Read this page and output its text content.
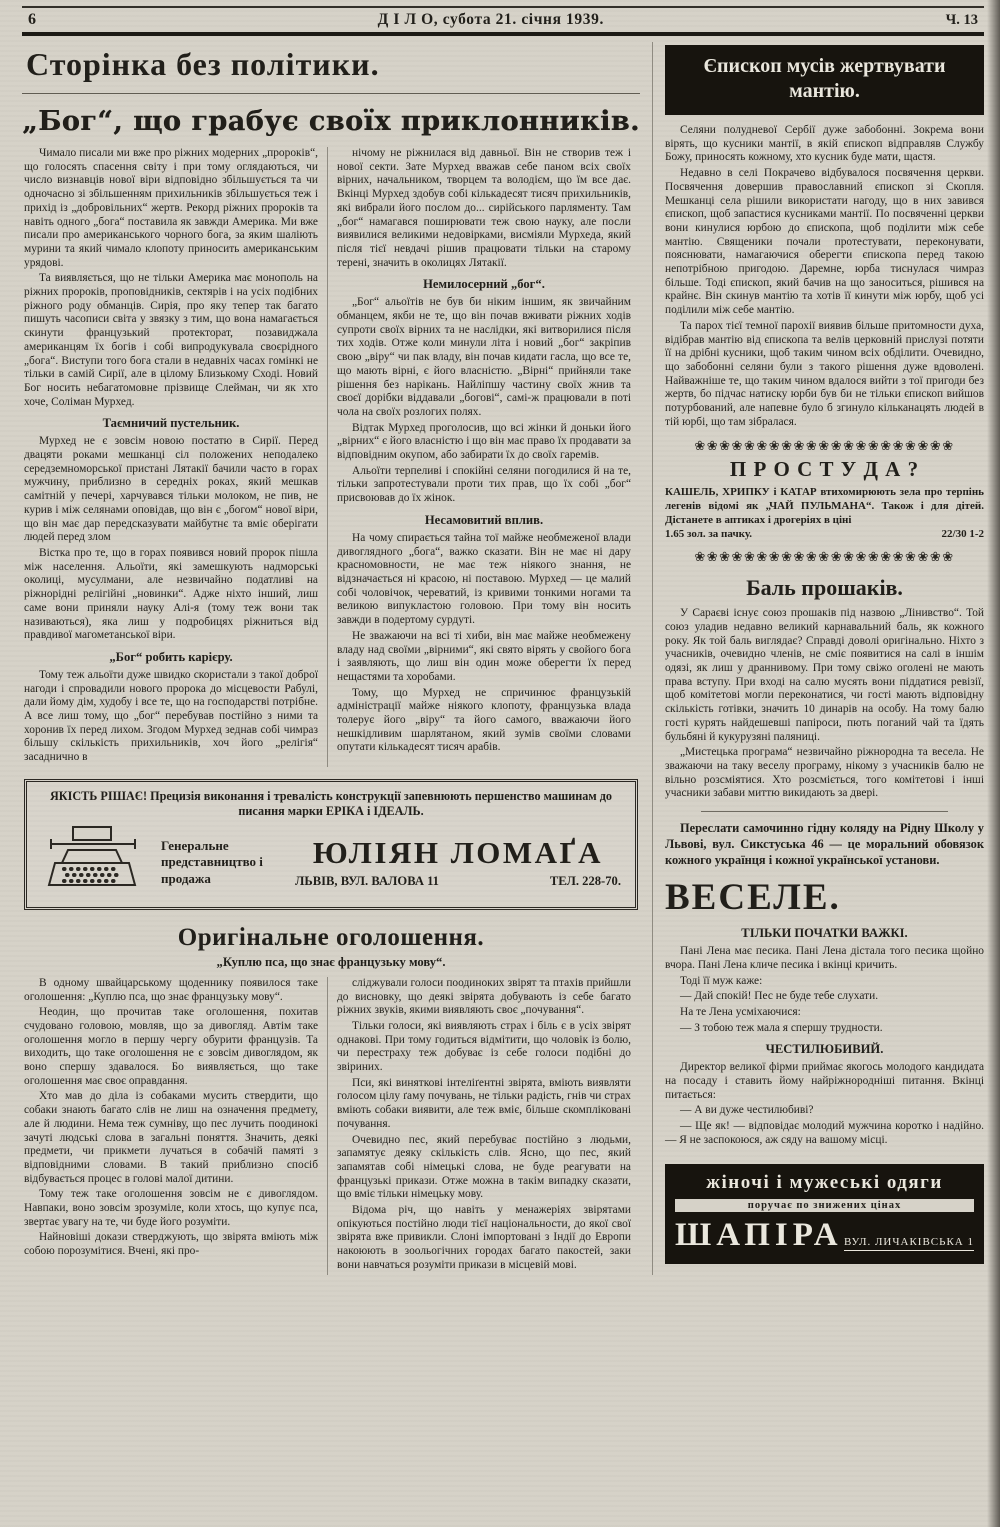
6	Д І Л О, субота 21. січня 1939.	Ч. 13
Сторінка без політики.
„Бог“, що грабує своїх приклонників.

Чимало писали ми вже про ріжних модерних „пророків“, що голосять спасення світу і при тому оглядаються, чи число визнавців нової віри відповідно збільшується та чи одночасно зі збільшенням прихильників збільшується теж і прихід із „добровільних“ жертв. Рекорд ріжних пророків та навіть одного „бога“ поставила як завжди Америка. Ми вже писали про американського чорного бога, за яким шаліють мурини та який чимало клопоту приносить американським урядові.

Та виявляється, що не тільки Америка має монополь на ріжних пророків, проповідників, сектярів і на усіх подібних ріжного роду обманців. Сирія, про яку тепер так багато пишуть часописи світа у звязку з тим, що вона намагається скинути французький протекторат, позавиджала американцям їх богів і собі випродукувала своєрідного „бога“. Виступи того бога стали в недавніх часах гомінкі не тільки в самій Сирії, але в цілому Близькому Сході. Новий Бог носить небагатомовне прізвище Слейман, чи як хто хоче, Соліман Мурхед.

Таємничий пустельник.

Мурхед не є зовсім новою постатю в Сирії. Перед двацяти роками мешканці сіл положених неподалеко середземноморської пристані Лятакії бачили часто в горах мужчину, приблизно в середніх роках, який мешкав самітній у печері, харчувався тільки молоком, не пив, не курив і між селянами оповідав, що він є „богом“ нової віри, що він має дар передсказувати майбутнє та вміє оберігати людей перед злом

Вістка про те, що в горах появився новий пророк пішла між населення. Альоїти, які замешкують надморські околиці, мусулмани, але незвичайно податливі на ріжнорідні релігійні „новинки“. Адже ніхто інший, лиш саме вони приняли науку Алі-я (тому теж вони так називаються), яка лиш у подробицях ріжниться від правдивої магометанської віри.

„Бог“ робить карієру.

Тому теж альоїти дуже швидко скористали з такої доброї нагоди і спровадили нового пророка до місцевости Рабулі, дали йому дім, худобу і все те, що на господарстві потрібне. А все лиш тому, що „бог“ перебував постійно з ними та хоронив їх перед лихом. Згодом Мурхед зеднав собі чимраз більшу скількість прихильників, хоч його „релігія“ засаднично в

нічому не ріжнилася від давньої. Він не створив теж і нової секти. Зате Мурхед вважав себе паном всіх своїх вірних, начальником, творцем та володієм, що їм все дає. Вкінці Мурхед здобув собі кількадесят тисяч прихильників, які вибрали його послом до... сирійського парляменту. Там „бог“ намагався поширювати теж свою науку, але посли виявилися великими недовірками, висміяли Мурхеда, який після тієї невдачі рішив працювати тільки на старому терені, значить в околицях Лятакії.

Немилосерний „бог“.

„Бог“ альоїтів не був би ніким іншим, як звичайним обманцем, якби не те, що він почав вживати ріжних ходів супроти своїх вірних та не наслідки, які витворилися після тих ходів. Отже коли минули літа і новий „бог“ закріпив свою „віру“ чи пак владу, він почав кидати гасла, що все те, що мають вірні, є його власністю. „Вірні“ прийняли таке рішення без нарікань. Найліпшу частину своїх жнив та своєї дорібки віддавали „богові“, самі-ж працювали в поті чола на своїх розлогих полях.

Відтак Мурхед проголосив, що всі жінки й доньки його „вірних“ є його власністю і що він має право їх продавати за відповідним окупом, або забирати їх до своїх гаремів.

Альоїти терпеливі і спокійні селяни погодилися й на те, тільки запротестували проти тих прав, що їх собі „бог“ присвоював до їх жінок.

Несамовитий вплив.

На чому спирається тайна тої майже необмеженої влади дивоглядного „бога“, важко сказати. Він не має ні дару красномовности, не має теж ніякого знання, не відзначається ні красою, ні поставою. Мурхед — це малий собі чоловічок, череватий, із кривими тонкими ногами та великою випукластою головою. При тому він носить завжди в подертому сурдуті.

Не зважаючи на всі ті хиби, він має майже необмежену владу над своїми „вірними“, які свято вірять у свойого бога і заявляють, що лиш він один може оберегти їх перед нещастями та хоробами.

Тому, що Мурхед не спричинює французькій адміністрації майже ніякого клопоту, французька влада толерує його „віру“ та його самого, вважаючи його нешкідливим шарлятаном, який зумів своїми словами опутати кількадесят тисяч арабів.

ЯКІСТЬ РІШАЄ! Прецизія виконання і тревалість конструкції запевнюють першенство машинам до писання марки ЕРІКА і ІДЕАЛЬ.
Генеральне представництво і продажа
ЮЛІЯН ЛОМАҐА
ЛЬВІВ, ВУЛ. ВАЛОВА 11	ТЕЛ. 228-70.
Оригінальне оголошення.
„Куплю пса, що знає французьку мову“.

В одному швайцарському щоденнику появилося таке оголошення: „Куплю пса, що знає французьку мову“.

Неодин, що прочитав таке оголошення, похитав счудовано головою, мовляв, що за дивогляд. Автім таке оголошення могло в першу чергу обурити французів. Та виходить, що таке оголошення не є зовсім дивоглядом, як воно спершу здавалося. Бо виявляється, що таке оголошення має своє оправдання.

Хто мав до діла із собаками мусить ствердити, що собаки знають багато слів не лиш на означення предмету, але й людини. Нема теж сумніву, що пес лучить поодинокі зачуті людські слова в загальні поняття. Значить, деякі предмети, чи прикмети лучаться в собачій памяті з відповідними словами. В такий приблизно спосіб відбувається процес в голові малої дитини.

Тому теж таке оголошення зовсім не є дивоглядом. Навпаки, воно зовсім зрозуміле, коли хтось, що купує пса, звертає увагу на те, чи буде його розуміти.

Найновіші докази стверджують, що звірята вміють між собою порозумітися. Вчені, які про-

сліджували голоси поодиноких звірят та птахів прийшли до висновку, що деякі звірята добувають із себе багато ріжних звуків, якими виявляють своє „почування“.

Тільки голоси, які виявляють страх і біль є в усіх звірят однакові. При тому годиться відмітити, що чоловік із болю, чи перестраху теж добуває із себе голоси подібні до звіриних.

Пси, які виняткові інтеліґентні звірята, вміють виявляти голосом цілу ґаму почувань, не тільки радість, гнів чи страх вміють собаки виявити, але теж вміє, більше скомпліковані почування.

Очевидно пес, який перебуває постійно з людьми, запамятує деяку скількість слів. Ясно, що пес, який запамятав собі німецькі слова, не буде реагувати на французькі прикази. Отже можна в такім випадку сказати, що вміє тільки німецьку мову.

Відома річ, що навіть у менажеріях звірятами опікуються постійно люди тієї національности, до якої свої звірята вже привикли. Слоні імпортовані з Індії до Европи накоюють в зоольогічних городах багато пакостей, заки вони навчаться розуміти прикази в місцевій мові.

Єпископ мусів жертвувати мантію.

Селяни полудневої Сербії дуже забобонні. Зокрема вони вірять, що кусники мантії, в якій єпископ відправляв Службу Божу, приносять кожному, хто кусник буде мати, щастя.

Недавно в селі Покрачево відбувалося посвячення церкви. Посвячення довершив православний єпископ зі Скопля. Мешканці села рішили використати нагоду, що в них завився єпископ, щоб запастися кусниками мантії. По посвяченні церкви вони кинулися юрбою до єпископа, щоб поділити між себе мантію. Священики почали протестувати, переконувати, пояснювати, намагаючися оберегти єпископа перед такою непотрібною пригодою. Даремне, юрба тиснулася чимраз більше. Тоді єпископ, який бачив на що заноситься, рішився на крайнє. Він скинув мантію та хотів її кинути між юрбу, щоб усі поділили між себе мантію.

Та парох тієї темної парохії виявив більше притомности духа, відібрав мантію від єпископа та велів церковній прислузі потяти її на дрібні кусники, щоб таким чином всіх обділити. Очевидно, що забобонні селяни були з такого рішення дуже вдоволені. Найважніше те, що таким чином вдалося вийти з тої пригоди без жертв, бо підчас натиску юрби був би не тільки єпископ вийшов потурбований, але напевне було б згинуло кільканацять людей в тій юрбі, що там зібралася.

❀❀❀❀❀❀❀❀❀❀❀❀❀❀❀❀❀❀❀❀❀
П Р О С Т У Д А ?

КАШЕЛЬ, ХРИПКУ і КАТАР втихомирюють зела про терпінь легенів відомі як „ЧАЙ ПУЛЬМАНА“. Також і для дітей. Дістанете в аптиках і дрогеріях в ціні

1.65 зол. за пачку.	22/30 1-2
❀❀❀❀❀❀❀❀❀❀❀❀❀❀❀❀❀❀❀❀❀
Баль прошаків.

У Сараєві існує союз прошаків під назвою „Лінивство“. Той союз уладив недавно великий карнавальний баль, як кожного року. Як той баль виглядає? Справді доволі оригінально. Ніхто з учасників, очевидно членів, не сміє появитися на салі в іншім одязі, як лиш у драннивому. При тому свіжо оголені не мають права вступу. При вході на салю мусять вони піддатися ревізії, щоб комітетові могли переконатися, чи гості мають відповідну скількість готівки, значить 10 динарів на особу. На тому балю гості курять найдешевші папіроси, пють поганий чай та їдять бульбяні й кукурузяні паляниці.

„Мистецька програма“ незвичайно ріжнородна та весела. Не зважаючи на таку веселу програму, нікому з учасників балю не вільно розсміятися. Хто розсміється, того комітетові і інші учасники забави миттю викидають за двері.

Переслати самочинно гідну коляду на Рідну Школу у Львові, вул. Сикстуська 46 — це моральний обовязок кожного українця і кожної української установи.

ВЕСЕЛЕ.
ТІЛЬКИ ПОЧАТКИ ВАЖКІ.

Пані Лена має песика. Пані Лена дістала того песика щойно вчора. Пані Лена кличе песика і вкінці кричить.

Тоді її муж каже:

— Дай спокій! Пес не буде тебе слухати.

На те Лена усміхаючися:

— З тобою теж мала я спершу трудности.

ЧЕСТИЛЮБИВИЙ.

Директор великої фірми приймає якогось молодого кандидата на посаду і ставить йому найріжнородніші питання. Вкінці питається:

— А ви дуже честилюбиві?

— Ще як! — відповідає молодий мужчина коротко і надійно. — Я не заспокоюся, аж сяду на вашому місці.

жіночі і мужеські одяги
поручає по знижених цінах
ШАПІРА ВУЛ. ЛИЧАКІВСЬКА 1
